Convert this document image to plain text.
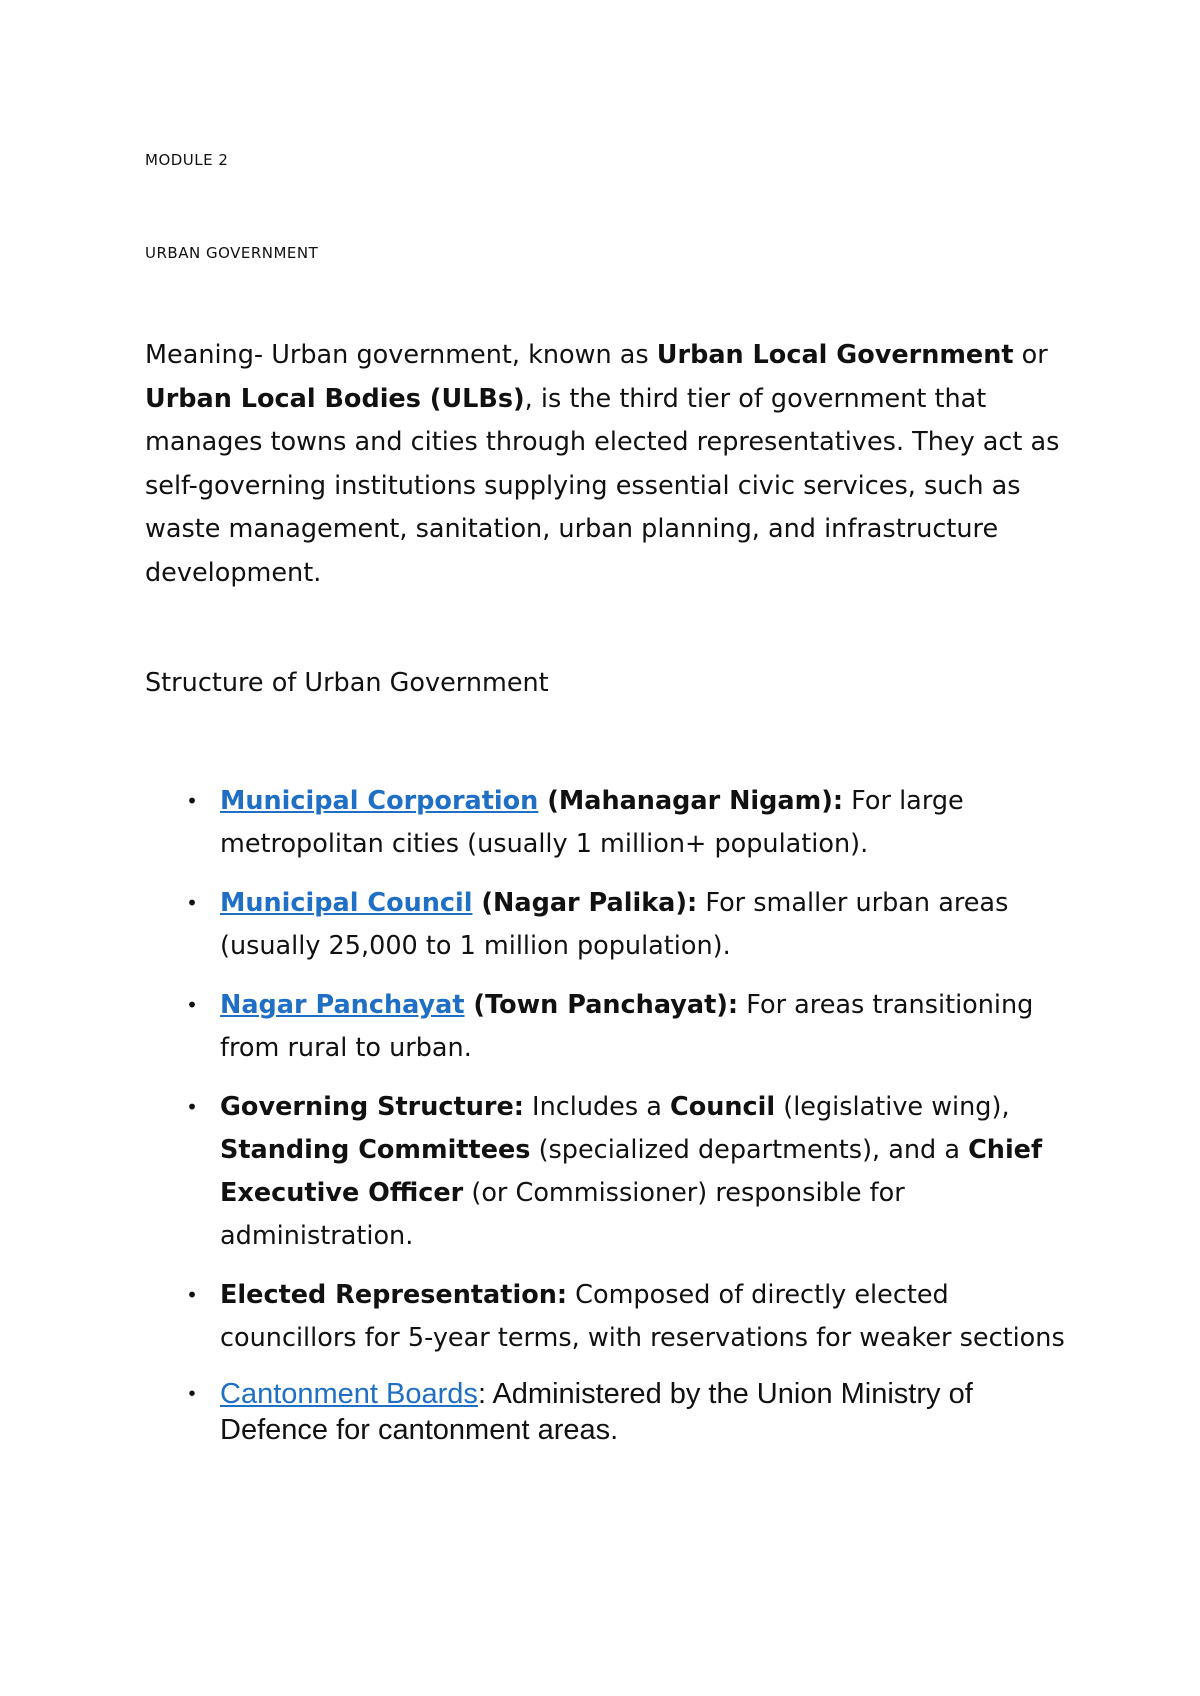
MODULE 2
URBAN GOVERNMENT

Meaning- Urban government, known as Urban Local Government or Urban Local Bodies (ULBs), is the third tier of government that manages towns and cities through elected representatives. They act as self-governing institutions supplying essential civic services, such as waste management, sanitation, urban planning, and infrastructure development.

Structure of Urban Government
• Municipal Corporation (Mahanagar Nigam): For large metropolitan cities (usually 1 million+ population).
• Municipal Council (Nagar Palika): For smaller urban areas (usually 25,000 to 1 million population).
• Nagar Panchayat (Town Panchayat): For areas transitioning from rural to urban.
• Governing Structure: Includes a Council (legislative wing), Standing Committees (specialized departments), and a Chief Executive Officer (or Commissioner) responsible for administration.
• Elected Representation: Composed of directly elected councillors for 5-year terms, with reservations for weaker sections
• Cantonment Boards: Administered by the Union Ministry of Defence for cantonment areas.
